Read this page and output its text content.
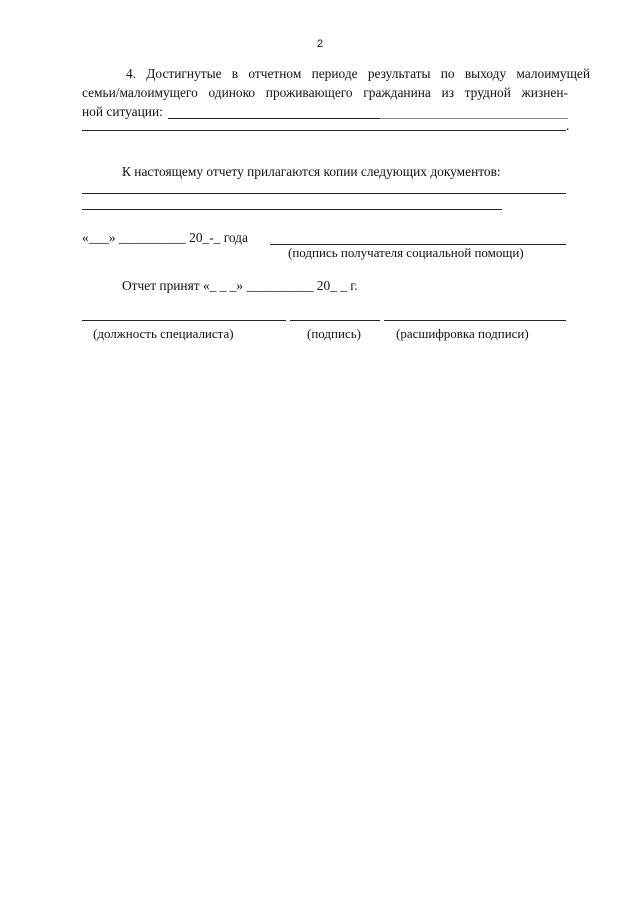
2
4. Достигнутые в отчетном периоде результаты по выходу малоимущей
семьи/малоимущего одиноко проживающего гражданина из трудной жизнен-
ной ситуации:
.
К настоящему отчету прилагаются копии следующих документов:
«___» __________ 20_-_ года
(подпись получателя социальной помощи)
Отчет принят «_ _ _» __________ 20_ _ г.
(должность специалиста)	(подпись)	(расшифровка подписи)
